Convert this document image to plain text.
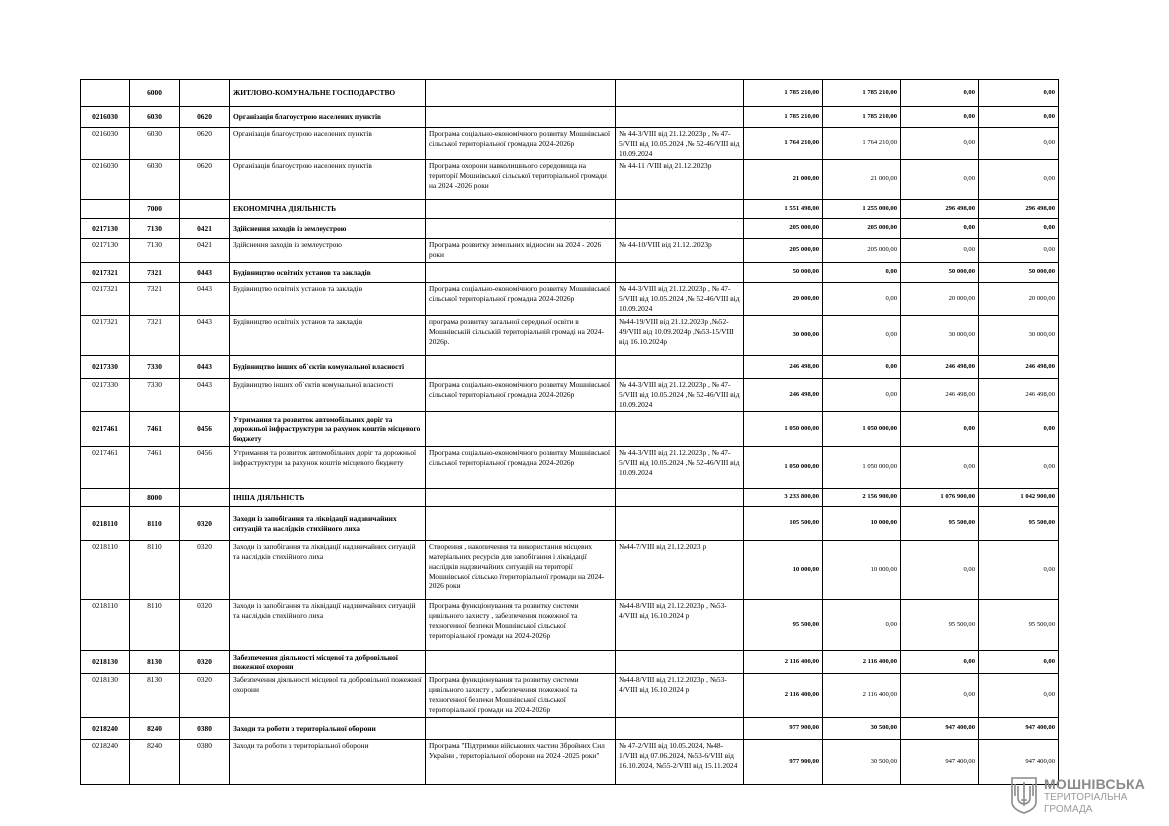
	6000		ЖИТЛОВО-КОМУНАЛЬНЕ ГОСПОДАРСТВО			1 785 210,00	1 785 210,00	0,00	0,00
0216030	6030	0620	Організація благоустрою населених пунктів			1 785 210,00	1 785 210,00	0,00	0,00
0216030	6030	0620	Організація благоустрою населених пунктів	Програма соціально-економічного розвитку Мошнівської сільської територіальної громадна 2024-2026р	№ 44-3/VIII від 21.12.2023р , № 47-5/VIII від 10.05.2024 ,№ 52-46/VIII від 10.09.2024	1 764 210,00	1 764 210,00	0,00	0,00
0216030	6030	0620	Організація благоустрою населених пунктів	Програма охорони навколишнього середовища на території Мошнівської сільської територіальної громади на 2024 -2026 роки	№ 44-11 /VIII від 21.12.2023р	21 000,00	21 000,00	0,00	0,00
	7000		ЕКОНОМІЧНА ДІЯЛЬНІСТЬ			1 551 498,00	1 255 000,00	296 498,00	296 498,00
0217130	7130	0421	Здійснення заходів із землеустрою			205 000,00	205 000,00	0,00	0,00
0217130	7130	0421	Здійснення заходів із землеустрою	Програма розвитку земельних відносин на 2024 - 2026 роки	№ 44-10/VIII від 21.12..2023р	205 000,00	205 000,00	0,00	0,00
0217321	7321	0443	Будівництво освітніх установ та закладів			50 000,00	0,00	50 000,00	50 000,00
0217321	7321	0443	Будівництво освітніх установ та закладів	Програма соціально-економічного розвитку Мошнівської сільської територіальної громадна 2024-2026р	№ 44-3/VIII від 21.12.2023р , № 47-5/VIII від 10.05.2024 ,№ 52-46/VIII від 10.09.2024	20 000,00	0,00	20 000,00	20 000,00
0217321	7321	0443	Будівництво освітніх установ та закладів	програма розвитку загальної середньої освіти в Мошнівській сільській територіальній громаді на 2024-2026р.	№44-19/VIII від 21.12.2023р ,№52-49/VIII від 10.09.2024р ,№53-15/VIII від 16.10.2024р	30 000,00	0,00	30 000,00	30 000,00
0217330	7330	0443	Будівництво інших об`єктів комунальної власності			246 498,00	0,00	246 498,00	246 498,00
0217330	7330	0443	Будівництво інших об`єктів комунальної власності	Програма соціально-економічного розвитку Мошнівської сільської територіальної громадна 2024-2026р	№ 44-3/VIII від 21.12.2023р , № 47-5/VIII від 10.05.2024 ,№ 52-46/VIII від 10.09.2024	246 498,00	0,00	246 498,00	246 498,00
0217461	7461	0456	Утримання та розвиток автомобільних доріг та дорожньої інфраструктури за рахунок коштів місцевого бюджету			1 050 000,00	1 050 000,00	0,00	0,00
0217461	7461	0456	Утримання та розвиток автомобільних доріг та дорожньої інфраструктури за рахунок коштів місцевого бюджету	Програма соціально-економічного розвитку Мошнівської сільської територіальної громадна 2024-2026р	№ 44-3/VIII від 21.12.2023р , № 47-5/VIII від 10.05.2024 ,№ 52-46/VIII від 10.09.2024	1 050 000,00	1 050 000,00	0,00	0,00
	8000		ІНША ДІЯЛЬНІСТЬ			3 233 800,00	2 156 900,00	1 076 900,00	1 042 900,00
0218110	8110	0320	Заходи із запобігання та ліквідації надзвичайних ситуацій та наслідків стихійного лиха			105 500,00	10 000,00	95 500,00	95 500,00
0218110	8110	0320	Заходи із запобігання та ліквідації надзвичайних ситуацій та наслідків стихійного лиха	Створення , накопичення та використання місцевих матеріальних ресурсів для запобігання і ліквідації наслідків надзвичайних ситуацій на території Мошнівської сільсько їтериторіальної громади на 2024-2026 роки	№44-7/VIII від 21.12.2023 р	10 000,00	10 000,00	0,00	0,00
0218110	8110	0320	Заходи із запобігання та ліквідації надзвичайних ситуацій та наслідків стихійного лиха	Програма функціонування та розвитку системи цивільного захисту , забезпечення пожежної та техногенної безпеки Мошнівської сільської територіальної громади на 2024-2026р	№44-8/VIII від 21.12.2023р , №53-4/VIII від 16.10.2024 р	95 500,00	0,00	95 500,00	95 500,00
0218130	8130	0320	Забезпечення діяльності місцевої та добровільної пожежної охорони			2 116 400,00	2 116 400,00	0,00	0,00
0218130	8130	0320	Забезпечення діяльності місцевої та добровільної пожежної охорони	Програма функціонування та розвитку системи цивільного захисту , забезпечення пожежної та техногенної безпеки Мошнівської сільської територіальної громади на 2024-2026р	№44-8/VIII від 21.12.2023р , №53-4/VIII від 16.10.2024 р	2 116 400,00	2 116 400,00	0,00	0,00
0218240	8240	0380	Заходи та роботи з територіальної оборони			977 900,00	30 500,00	947 400,00	947 400,00
0218240	8240	0380	Заходи та роботи з територіальної оборони	Програма "Підтримки військових частин Збройних Сил України , територіальної оборони на 2024 -2025 роки"	№ 47-2/VIII від 10.05.2024, №48-1/VIII від 07.06.2024, №53-6/VIII від 16.10.2024, №55-2/VIII від 15.11.2024	977 900,00	30 500,00	947 400,00	947 400,00
МОШНІВСЬКА
ТЕРИТОРІАЛЬНА
ГРОМАДА
